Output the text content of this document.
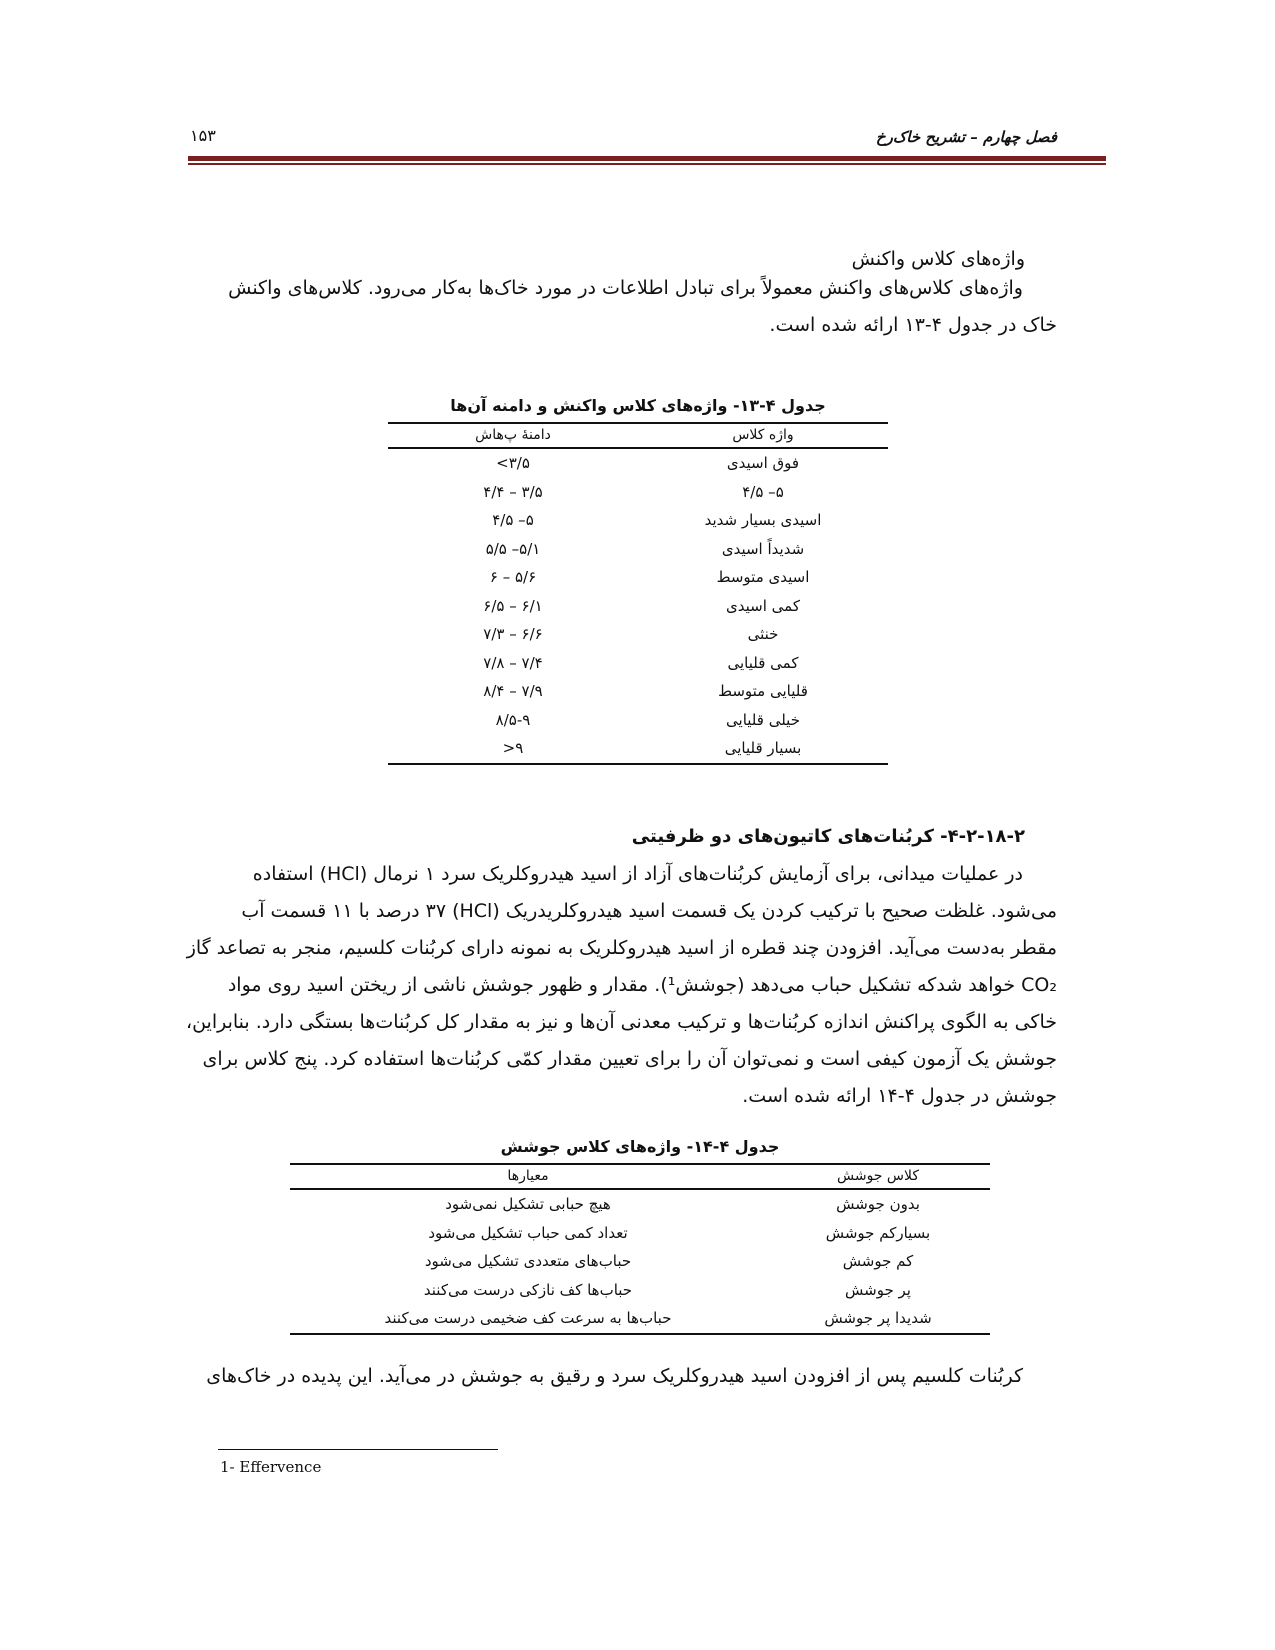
فصل چهارم – تشریح خاک‌رخ
۱۵۳
واژه‌های کلاس واکنش
واژه‌های کلاس‌های واکنش معمولاً برای تبادل اطلاعات در مورد خاک‌ها به‌کار می‌رود. کلاس‌های واکنش
خاک در جدول ۴-۱۳ ارائه شده است.
جدول ۴-۱۳- واژه‌های کلاس واکنش و دامنه آن‌ها
واژه کلاس	دامنهٔ پ‌هاش
فوق اسیدی	۳/۵>
۵– ۴/۵	۳/۵ – ۴/۴
اسیدی بسیار شدید	۵– ۴/۵
شدیداً اسیدی	۵/۱– ۵/۵
اسیدی متوسط	۵/۶ – ۶
کمی اسیدی	۶/۱ – ۶/۵
خنثی	۶/۶ – ۷/۳
کمی قلیایی	۷/۴ – ۷/۸
قلیایی متوسط	۷/۹ – ۸/۴
خیلی قلیایی	۸/۵-۹
بسیار قلیایی	۹<
۴-۲-۱۸-۲- کربُنات‌های کاتیون‌های دو ظرفیتی
در عملیات میدانی، برای آزمایش کربُنات‌های آزاد از اسید هیدروکلریک سرد ۱ نرمال (HCl) استفاده
می‌شود. غلظت صحیح با ترکیب کردن یک قسمت اسید هیدروکلریدریک (HCl) ۳۷ درصد با ۱۱ قسمت آب
مقطر به‌دست می‌آید. افزودن چند قطره از اسید هیدروکلریک به نمونه دارای کربُنات کلسیم، منجر به تصاعد گاز
CO₂ خواهد شدکه تشکیل حباب می‌دهد (جوشش¹). مقدار و ظهور جوشش ناشی از ریختن اسید روی مواد
خاکی به الگوی پراکنش اندازه کربُنات‌ها و ترکیب معدنی آن‌ها و نیز به مقدار کل کربُنات‌ها بستگی دارد. بنابراین،
جوشش یک آزمون کیفی است و نمی‌توان آن را برای تعیین مقدار کمّی کربُنات‌ها استفاده کرد. پنج کلاس برای
جوشش در جدول ۴-۱۴ ارائه شده است.
جدول ۴-۱۴- واژه‌های کلاس جوشش
کلاس جوشش	معیارها
بدون جوشش	هیچ حبابی تشکیل نمی‌شود
بسیارکم جوشش	تعداد کمی حباب تشکیل می‌شود
کم جوشش	حباب‌های متعددی تشکیل می‌شود
پر جوشش	حباب‌ها کف نازکی درست می‌کنند
شدیدا پر جوشش	حباب‌ها به سرعت کف ضخیمی درست می‌کنند
کربُنات کلسیم پس از افزودن اسید هیدروکلریک سرد و رقیق به جوشش در می‌آید. این پدیده در خاک‌های
1- Effervence
